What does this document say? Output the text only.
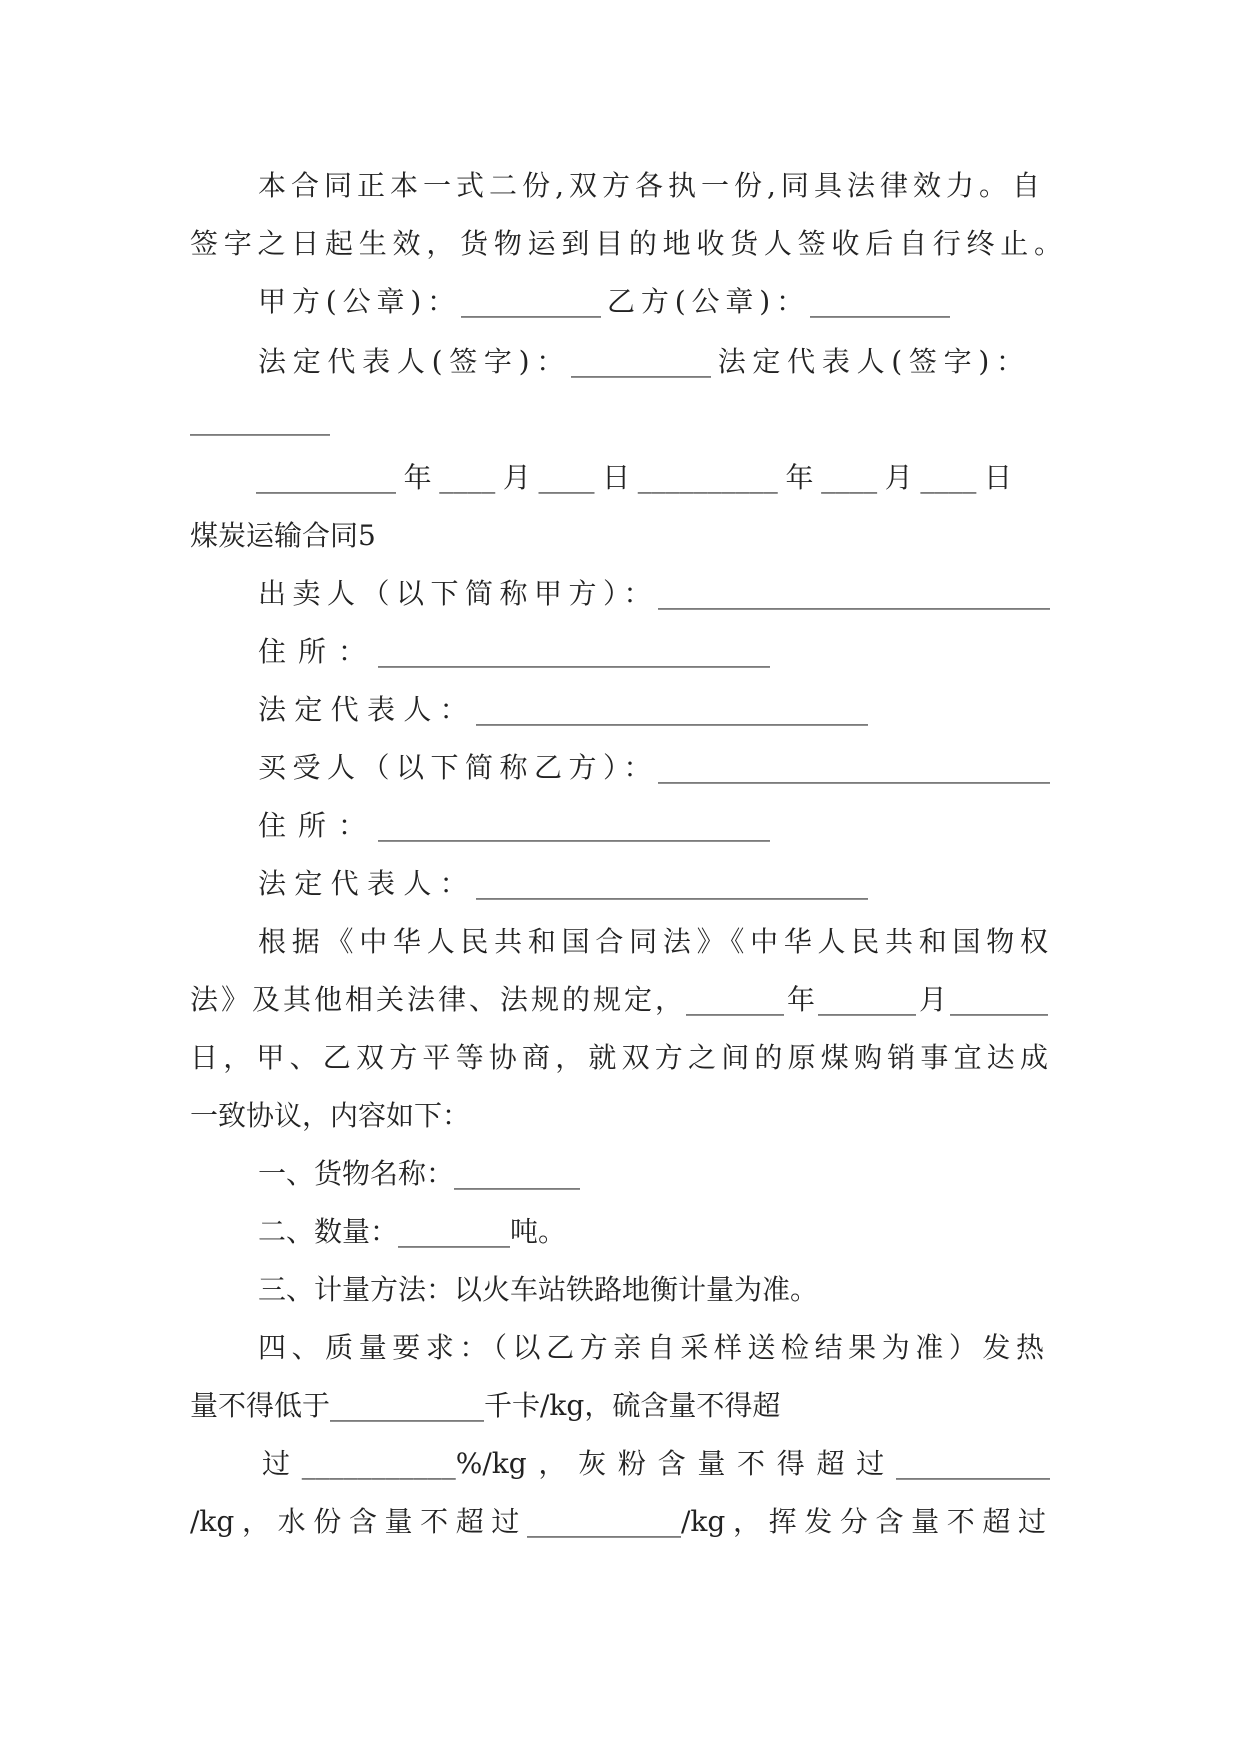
本合同正本一式二份,双方各执一份,同具法律效力。自
签字之日起生效，货物运到目的地收货人签收后自行终止。
甲方(公章)：__________乙方(公章)：__________
法定代表人(签字)：__________法定代表人(签字)：
__________
__________年____月____日__________年____月____日
煤炭运输合同5
出卖人（以下简称甲方）：____________________________
住所：____________________________
法定代表人：____________________________
买受人（以下简称乙方）：____________________________
住所：____________________________
法定代表人：____________________________
根据《中华人民共和国合同法》《中华人民共和国物权
法》及其他相关法律、法规的规定，_______年_______月_______
日，甲、乙双方平等协商，就双方之间的原煤购销事宜达成
一致协议，内容如下：
一、货物名称：_________
二、数量：________吨。
三、计量方法：以火车站铁路地衡计量为准。
四、质量要求：（以乙方亲自采样送检结果为准）发热
量不得低于___________千卡/kg，硫含量不得超
过___________%/kg，灰粉含量不得超过___________
/kg，水份含量不超过___________/kg，挥发分含量不超过
